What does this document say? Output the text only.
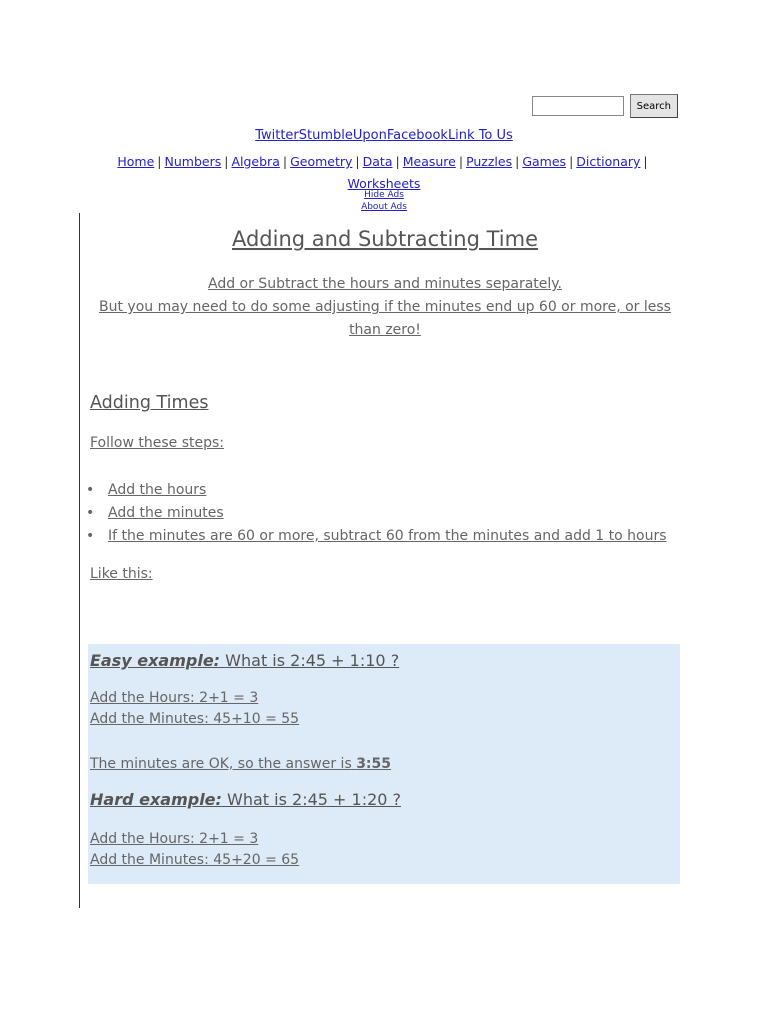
Search
TwitterStumbleUponFacebookLink To Us
Home | Numbers | Algebra | Geometry | Data | Measure | Puzzles | Games | Dictionary |
Worksheets
Hide Ads
About Ads
Adding and Subtracting Time
Add or Subtract the hours and minutes separately.
But you may need to do some adjusting if the minutes end up 60 or more, or less than zero!
Adding Times
Follow these steps:
• Add the hours
• Add the minutes
• If the minutes are 60 or more, subtract 60 from the minutes and add 1 to hours
Like this:
Easy example: What is 2:45 + 1:10 ?
Add the Hours: 2+1 = 3
Add the Minutes: 45+10 = 55
The minutes are OK, so the answer is 3:55
Hard example: What is 2:45 + 1:20 ?
Add the Hours: 2+1 = 3
Add the Minutes: 45+20 = 65
